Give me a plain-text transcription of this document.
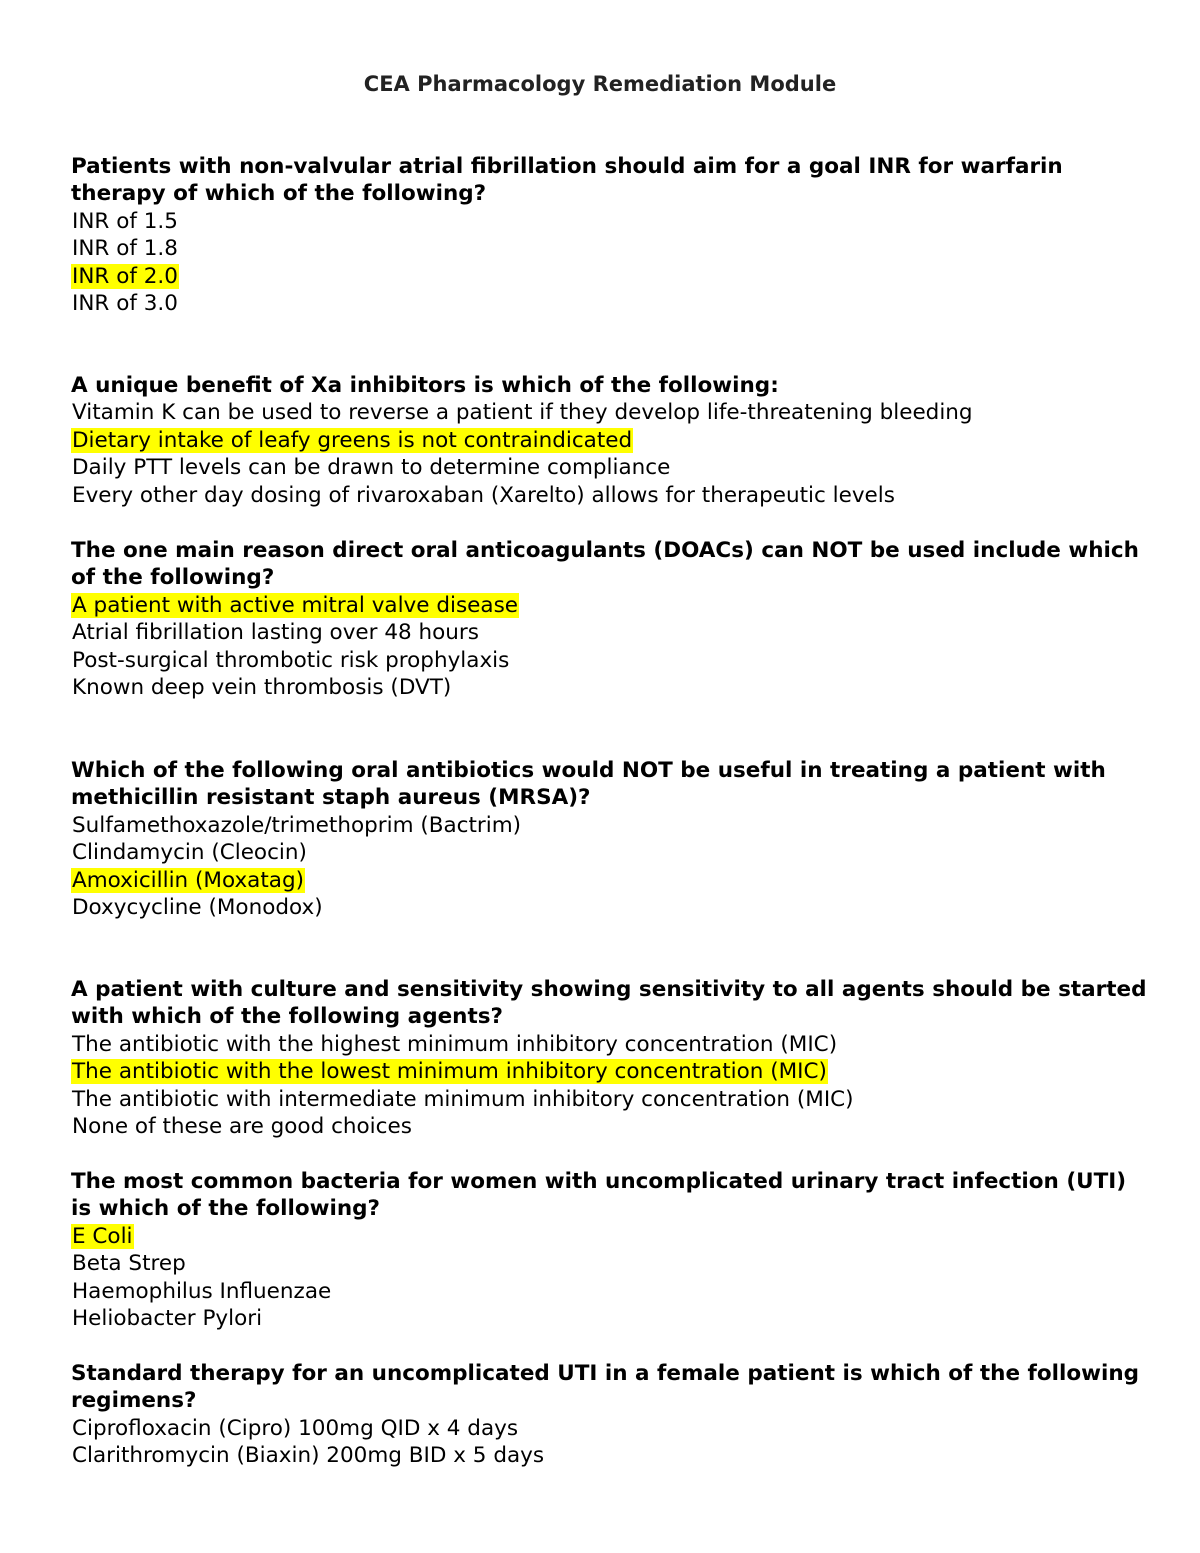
CEA Pharmacology Remediation Module
Patients with non-valvular atrial fibrillation should aim for a goal INR for warfarin therapy of which of the following?
INR of 1.5
INR of 1.8
INR of 2.0
INR of 3.0
A unique benefit of Xa inhibitors is which of the following:
Vitamin K can be used to reverse a patient if they develop life-threatening bleeding
Dietary intake of leafy greens is not contraindicated
Daily PTT levels can be drawn to determine compliance
Every other day dosing of rivaroxaban (Xarelto) allows for therapeutic levels
The one main reason direct oral anticoagulants (DOACs) can NOT be used include which of the following?
A patient with active mitral valve disease
Atrial fibrillation lasting over 48 hours
Post-surgical thrombotic risk prophylaxis
Known deep vein thrombosis (DVT)
Which of the following oral antibiotics would NOT be useful in treating a patient with methicillin resistant staph aureus (MRSA)?
Sulfamethoxazole/trimethoprim (Bactrim)
Clindamycin (Cleocin)
Amoxicillin (Moxatag)
Doxycycline (Monodox)
A patient with culture and sensitivity showing sensitivity to all agents should be started with which of the following agents?
The antibiotic with the highest minimum inhibitory concentration (MIC)
The antibiotic with the lowest minimum inhibitory concentration (MIC)
The antibiotic with intermediate minimum inhibitory concentration (MIC)
None of these are good choices
The most common bacteria for women with uncomplicated urinary tract infection (UTI) is which of the following?
E Coli
Beta Strep
Haemophilus Influenzae
Heliobacter Pylori
Standard therapy for an uncomplicated UTI in a female patient is which of the following regimens?
Ciprofloxacin (Cipro) 100mg QID x 4 days
Clarithromycin (Biaxin) 200mg BID x 5 days
